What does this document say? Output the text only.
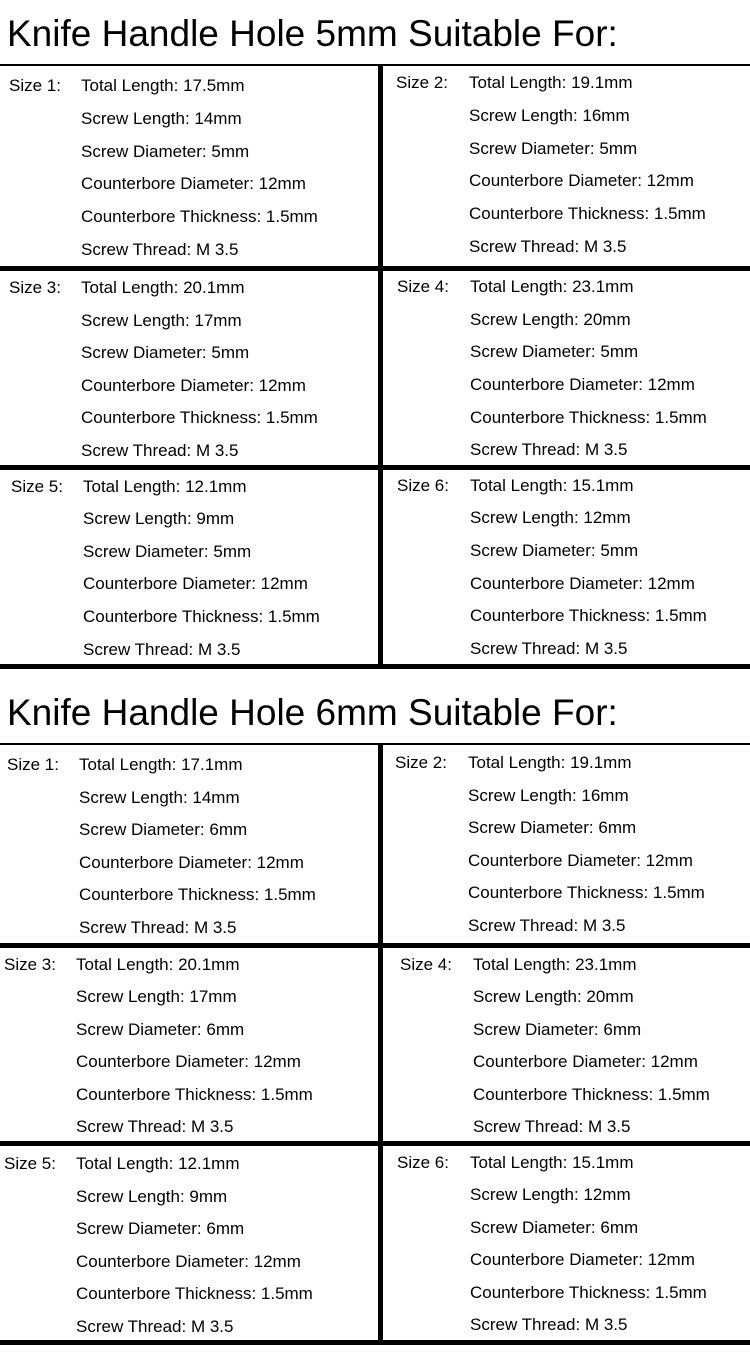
Knife Handle Hole 5mm Suitable For:
Size 1: Total Length: 17.5mm
Screw Length: 14mm
Screw Diameter: 5mm
Counterbore Diameter: 12mm
Counterbore Thickness: 1.5mm
Screw Thread: M 3.5
Size 2: Total Length: 19.1mm
Screw Length: 16mm
Screw Diameter: 5mm
Counterbore Diameter: 12mm
Counterbore Thickness: 1.5mm
Screw Thread: M 3.5
Size 3: Total Length: 20.1mm
Screw Length: 17mm
Screw Diameter: 5mm
Counterbore Diameter: 12mm
Counterbore Thickness: 1.5mm
Screw Thread: M 3.5
Size 4: Total Length: 23.1mm
Screw Length: 20mm
Screw Diameter: 5mm
Counterbore Diameter: 12mm
Counterbore Thickness: 1.5mm
Screw Thread: M 3.5
Size 5: Total Length: 12.1mm
Screw Length: 9mm
Screw Diameter: 5mm
Counterbore Diameter: 12mm
Counterbore Thickness: 1.5mm
Screw Thread: M 3.5
Size 6: Total Length: 15.1mm
Screw Length: 12mm
Screw Diameter: 5mm
Counterbore Diameter: 12mm
Counterbore Thickness: 1.5mm
Screw Thread: M 3.5
Knife Handle Hole 6mm Suitable For:
Size 1: Total Length: 17.1mm
Screw Length: 14mm
Screw Diameter: 6mm
Counterbore Diameter: 12mm
Counterbore Thickness: 1.5mm
Screw Thread: M 3.5
Size 2: Total Length: 19.1mm
Screw Length: 16mm
Screw Diameter: 6mm
Counterbore Diameter: 12mm
Counterbore Thickness: 1.5mm
Screw Thread: M 3.5
Size 3: Total Length: 20.1mm
Screw Length: 17mm
Screw Diameter: 6mm
Counterbore Diameter: 12mm
Counterbore Thickness: 1.5mm
Screw Thread: M 3.5
Size 4: Total Length: 23.1mm
Screw Length: 20mm
Screw Diameter: 6mm
Counterbore Diameter: 12mm
Counterbore Thickness: 1.5mm
Screw Thread: M 3.5
Size 5: Total Length: 12.1mm
Screw Length: 9mm
Screw Diameter: 6mm
Counterbore Diameter: 12mm
Counterbore Thickness: 1.5mm
Screw Thread: M 3.5
Size 6: Total Length: 15.1mm
Screw Length: 12mm
Screw Diameter: 6mm
Counterbore Diameter: 12mm
Counterbore Thickness: 1.5mm
Screw Thread: M 3.5
